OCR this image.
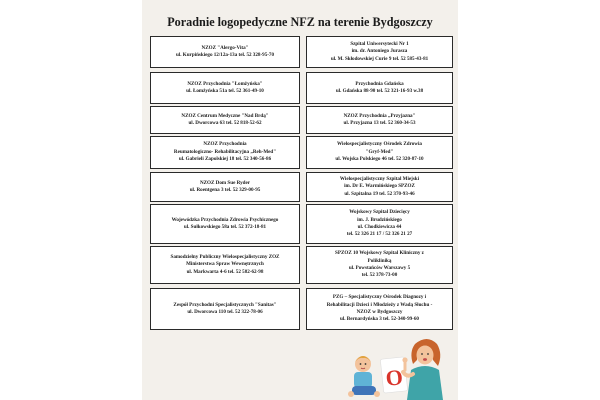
Poradnie logopedyczne NFZ na terenie Bydgoszczy
NZOZ "Alergo-Vita"
ul. Kurpińskiego 12/12a-13a tel. 52 328-95-70
NZOZ Przychodnia "Łomżyńska"
ul. Łomżyńska 51a tel. 52 361-49-10
NZOZ Centrum Medyczne "Nad Brdą"
ul. Dworcowa 63 tel. 52 818-52-62
NZOZ Przychodnia
Reumatologiczno- Rehabilitacyjna „Reh-Med"
ul. Gabrieli Zapolskiej 18 tel. 52 340-56-86
NZOZ Dom Sue Ryder
ul. Roentgena 3 tel. 52 329-00-95
Wojewódzka Przychodnia Zdrowia Psychicznego
ul. Sułkowskiego 58a tel. 52 372-18-81
Samodzielny Publiczny Wielospecjalistyczny ZOZ
Ministerstwa Spraw Wewnętrznych
ul. Markwarta 4-6 tel. 52 582-62-98
Zespół Przychodni Specjalistycznych "Sanitas"
ul. Dworcowa 110 tel. 52 322-78-06
Szpital Uniwersytecki Nr 1
im. dr. Antoniego Jurasza
ul. M. Skłodowskiej Curie 9 tel. 52 585-43-81
Przychodnia Gdańska
ul. Gdańska 88-90 tel. 52 321-16-93 w.38
NZOZ Przychodnia „Przyjazna"
ul. Przyjazna 13 tel. 52 360-34-53
Wielospecjalistyczny Ośrodek Zdrowia
"Gryf-Med"
ul. Wojska Polskiego 46 tel. 52 320-87-10
Wielospecjalistyczny Szpital Miejski
im. Dr E. Warmińskiego SPZOZ
ul. Szpitalna 19 tel. 52 370-93-46
Wojskowy Szpital Dziecięcy
im. J. Brudzińskiego
ul. Chodkiewicza 44
tel. 52 326 21 17 / 52 326 21 27
SPZOZ 10 Wojskowy Szpital Kliniczny z
Polikliniką
ul. Powstańców Warszawy 5
tel. 52 378-73-00
PZG – Specjalistyczny Ośrodek Diagnozy i
Rehabilitacji Dzieci i Młodzieży z Wadą Słuchu -
NZOZ w Bydgoszczy
ul. Bernardyńska 3 tel. 52-340-99-60
O
